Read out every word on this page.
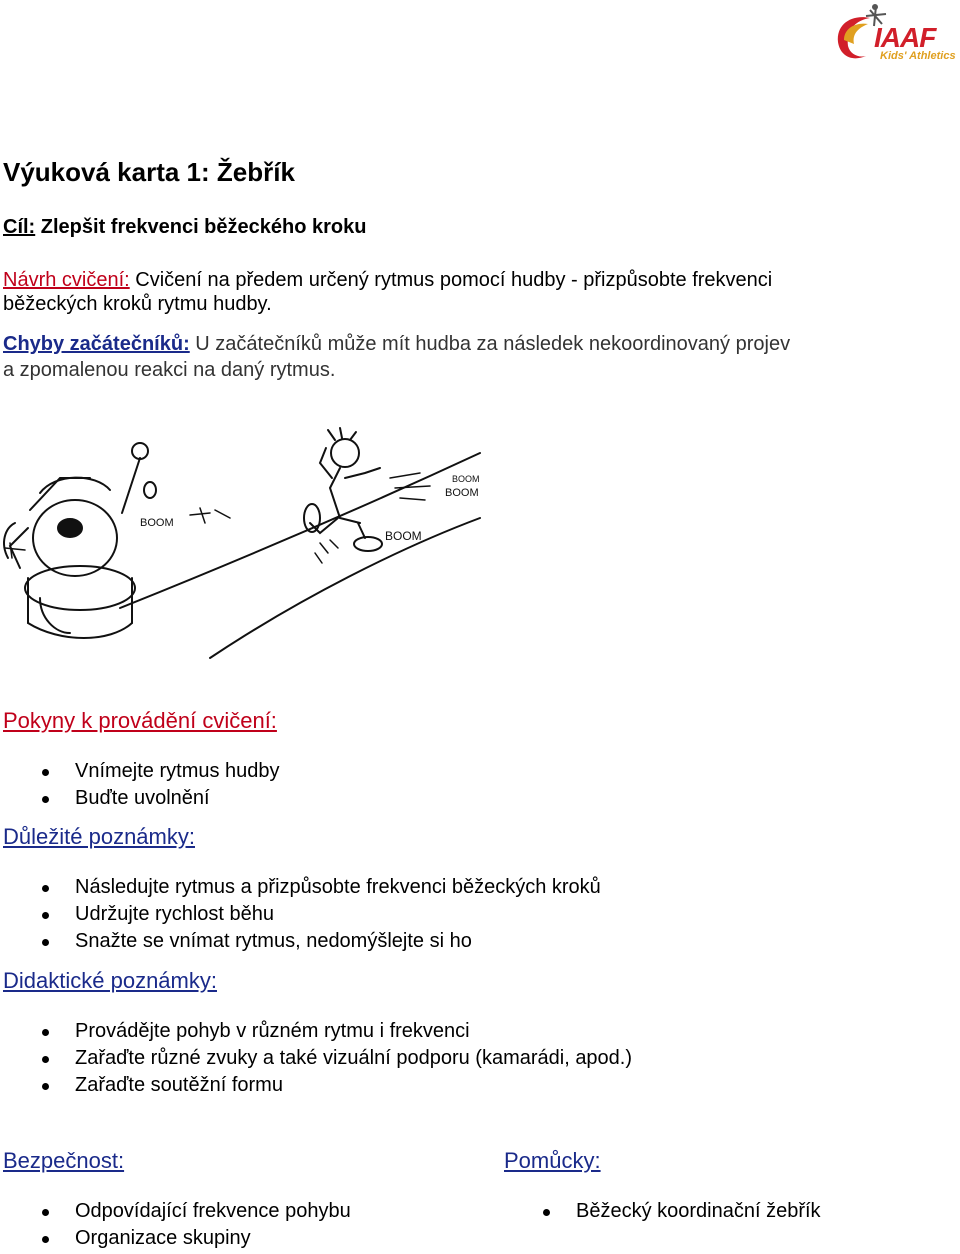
IAAF
Kids' Athletics
Výuková karta 1: Žebřík
Cíl: Zlepšit frekvenci běžeckého kroku
Návrh cvičení: Cvičení na předem určený rytmus pomocí hudby - přizpůsobte frekvenci
běžeckých kroků rytmu hudby.
Chyby začátečníků: U začátečníků může mít hudba za následek nekoordinovaný projev
a zpomalenou reakci na daný rytmus.
BOOM
BOOM
BOOM
BOOM
Pokyny k provádění cvičení:
Vnímejte rytmus hudby
Buďte uvolnění
Důležité poznámky:
Následujte rytmus a přizpůsobte frekvenci běžeckých kroků
Udržujte rychlost běhu
Snažte se vnímat rytmus, nedomýšlejte si ho
Didaktické poznámky:
Provádějte pohyb v různém rytmu i frekvenci
Zařaďte různé zvuky a také vizuální podporu (kamarádi, apod.)
Zařaďte soutěžní formu
Bezpečnost:
Odpovídající frekvence pohybu
Organizace skupiny
Pomůcky:
Běžecký koordinační žebřík
